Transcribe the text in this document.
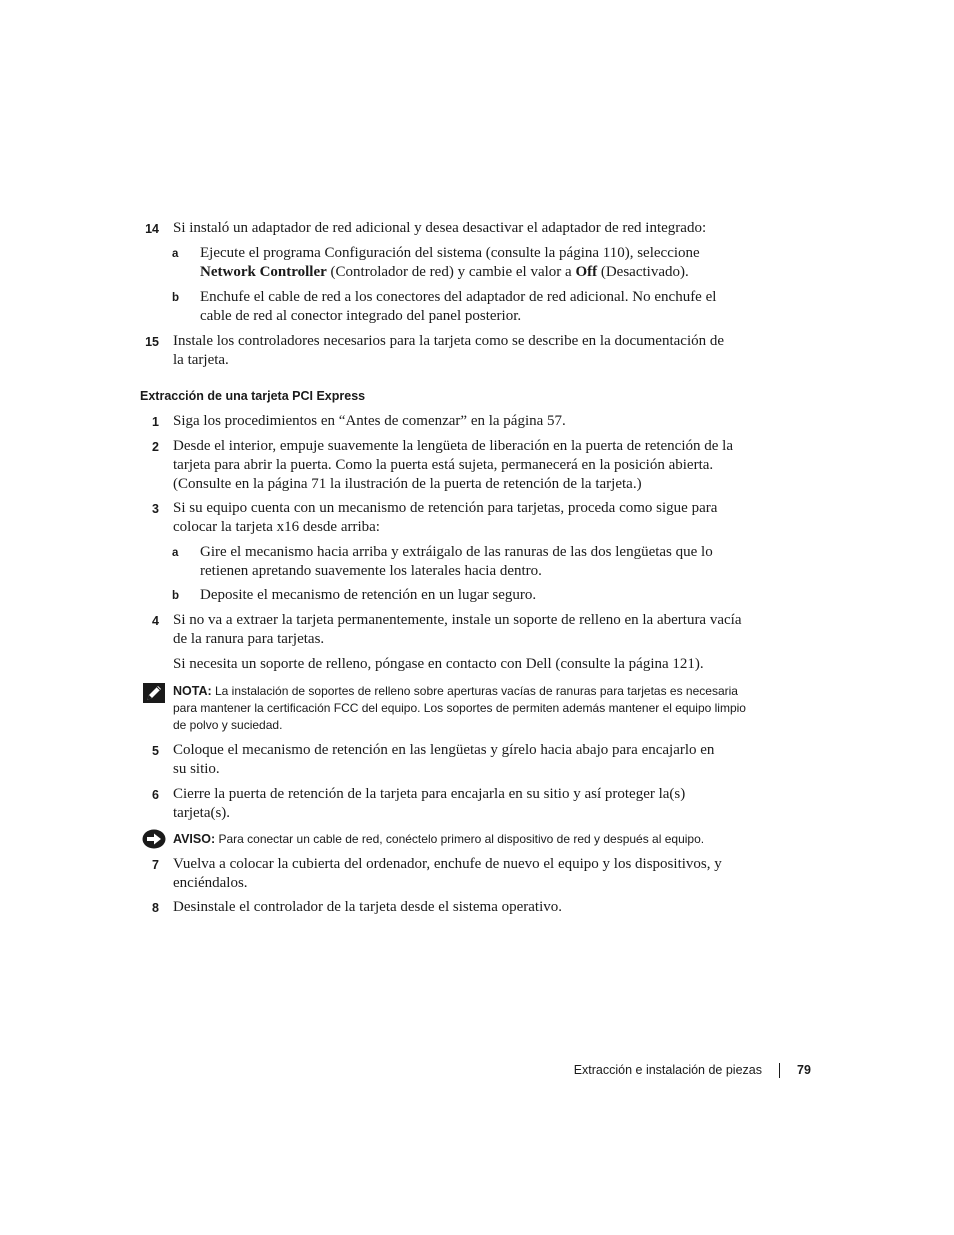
14 Si instaló un adaptador de red adicional y desea desactivar el adaptador de red integrado:
a	Ejecute el programa Configuración del sistema (consulte la página 110), seleccione Network Controller (Controlador de red) y cambie el valor a Off (Desactivado).
b	Enchufe el cable de red a los conectores del adaptador de red adicional. No enchufe el cable de red al conector integrado del panel posterior.
15 Instale los controladores necesarios para la tarjeta como se describe en la documentación de la tarjeta.
Extracción de una tarjeta PCI Express
1 Siga los procedimientos en “Antes de comenzar” en la página 57.
2 Desde el interior, empuje suavemente la lengüeta de liberación en la puerta de retención de la tarjeta para abrir la puerta. Como la puerta está sujeta, permanecerá en la posición abierta. (Consulte en la página 71 la ilustración de la puerta de retención de la tarjeta.)
3 Si su equipo cuenta con un mecanismo de retención para tarjetas, proceda como sigue para colocar la tarjeta x16 desde arriba:
a	Gire el mecanismo hacia arriba y extráigalo de las ranuras de las dos lengüetas que lo retienen apretando suavemente los laterales hacia dentro.
b	Deposite el mecanismo de retención en un lugar seguro.
4 Si no va a extraer la tarjeta permanentemente, instale un soporte de relleno en la abertura vacía de la ranura para tarjetas.
Si necesita un soporte de relleno, póngase en contacto con Dell (consulte la página 121).
NOTA: La instalación de soportes de relleno sobre aperturas vacías de ranuras para tarjetas es necesaria para mantener la certificación FCC del equipo. Los soportes de permiten además mantener el equipo limpio de polvo y suciedad.
5 Coloque el mecanismo de retención en las lengüetas y gírelo hacia abajo para encajarlo en su sitio.
6 Cierre la puerta de retención de la tarjeta para encajarla en su sitio y así proteger la(s) tarjeta(s).
AVISO: Para conectar un cable de red, conéctelo primero al dispositivo de red y después al equipo.
7 Vuelva a colocar la cubierta del ordenador, enchufe de nuevo el equipo y los dispositivos, y enciéndalos.
8 Desinstale el controlador de la tarjeta desde el sistema operativo.
Extracción e instalación de piezas	79
